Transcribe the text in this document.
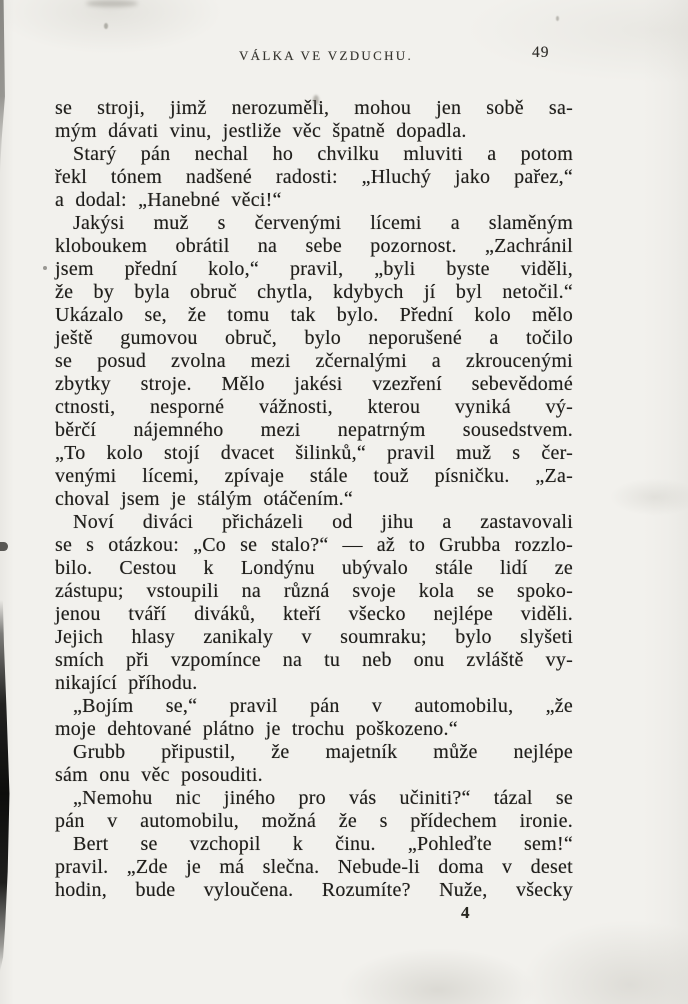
VÁLKA VE VZDUCHU.	49
se stroji, jimž nerozuměli, mohou jen sobě sa-
mým dávati vinu, jestliže věc špatně dopadla.
Starý pán nechal ho chvilku mluviti a potom
řekl tónem nadšené radosti: „Hluchý jako pařez,“
a dodal: „Hanebné věci!“
Jakýsi muž s červenými lícemi a slaměným
kloboukem obrátil na sebe pozornost. „Zachránil
jsem přední kolo,“ pravil, „byli byste viděli,
že by byla obruč chytla, kdybych jí byl netočil.“
Ukázalo se, že tomu tak bylo. Přední kolo mělo
ještě gumovou obruč, bylo neporušené a točilo
se posud zvolna mezi zčernalými a zkroucenými
zbytky stroje. Mělo jakési vzezření sebevědomé
ctnosti, nesporné vážnosti, kterou vyniká vý-
běrčí nájemného mezi nepatrným sousedstvem.
„To kolo stojí dvacet šilinků,“ pravil muž s čer-
venými lícemi, zpívaje stále touž písničku. „Za-
choval jsem je stálým otáčením.“
Noví diváci přicházeli od jihu a zastavovali
se s otázkou: „Co se stalo?“ — až to Grubba rozzlo-
bilo. Cestou k Londýnu ubývalo stále lidí ze
zástupu; vstoupili na různá svoje kola se spoko-
jenou tváří diváků, kteří všecko nejlépe viděli.
Jejich hlasy zanikaly v soumraku; bylo slyšeti
smích při vzpomínce na tu neb onu zvláště vy-
nikající příhodu.
„Bojím se,“ pravil pán v automobilu, „že
moje dehtované plátno je trochu poškozeno.“
Grubb připustil, že majetník může nejlépe
sám onu věc posouditi.
„Nemohu nic jiného pro vás učiniti?“ tázal se
pán v automobilu, možná že s přídechem ironie.
Bert se vzchopil k činu. „Pohleďte sem!“
pravil. „Zde je má slečna. Nebude-li doma v deset
hodin, bude vyloučena. Rozumíte? Nuže, všecky
4
